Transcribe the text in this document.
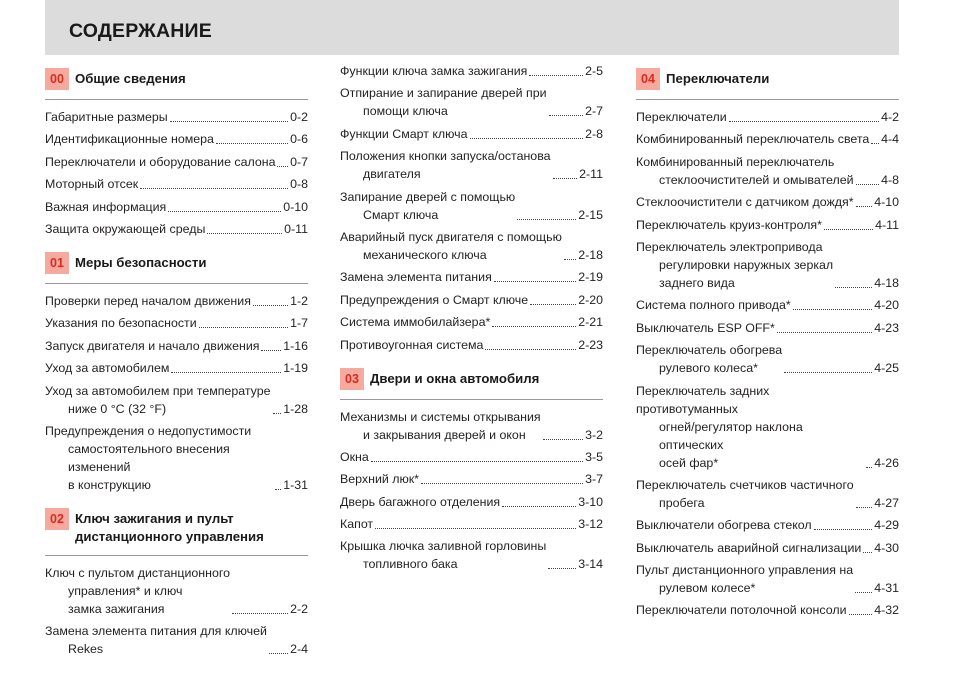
СОДЕРЖАНИЕ
00 Общие сведения
Габаритные размеры	0-2
Идентификационные номера	0-6
Переключатели и оборудование салона 0-7
Моторный отсек	0-8
Важная информация	0-10
Защита окружающей среды	0-11
01 Меры безопасности
Проверки перед началом движения	1-2
Указания по безопасности	1-7
Запуск двигателя и начало движения 1-16
Уход за автомобилем	1-19
Уход за автомобилем при температуре
ниже 0 °C (32 °F)	1-28
Предупреждения о недопустимости
самостоятельного внесения изменений
в конструкцию	1-31
02 Ключ зажигания и пульт
дистанционного управления
Ключ с пультом дистанционного
управления* и ключ
замка зажигания	2-2
Замена элемента питания для ключей
Rekes	2-4
Функции ключа замка зажигания	2-5
Отпирание и запирание дверей при
помощи ключа	2-7
Функции Смарт ключа	2-8
Положения кнопки запуска/останова
двигателя	2-11
Запирание дверей с помощью
Смарт ключа	2-15
Аварийный пуск двигателя с помощью
механического ключа	2-18
Замена элемента питания	2-19
Предупреждения о Смарт ключе	2-20
Система иммобилайзера*	2-21
Противоугонная система	2-23
03 Двери и окна автомобиля
Механизмы и системы открывания
и закрывания дверей и окон	3-2
Окна	3-5
Верхний люк*	3-7
Дверь багажного отделения	3-10
Капот	3-12
Крышка лючка заливной горловины
топливного бака	3-14
04 Переключатели
Переключатели	4-2
Комбинированный переключатель света 4-4
Комбинированный переключатель
стеклоочистителей и омывателей 4-8
Стеклоочистители с датчиком дождя* 4-10
Переключатель круиз-контроля*	4-11
Переключатель электропривода
регулировки наружных зеркал
заднего вида	4-18
Система полного привода*	4-20
Выключатель ESP OFF*	4-23
Переключатель обогрева
рулевого колеса*	4-25
Переключатель задних противотуманных
огней/регулятор наклона оптических
осей фар*	4-26
Переключатель счетчиков частичного
пробега	4-27
Выключатели обогрева стекол	4-29
Выключатель аварийной сигнализации 4-30
Пульт дистанционного управления на
рулевом колесе*	4-31
Переключатели потолочной консоли 4-32
